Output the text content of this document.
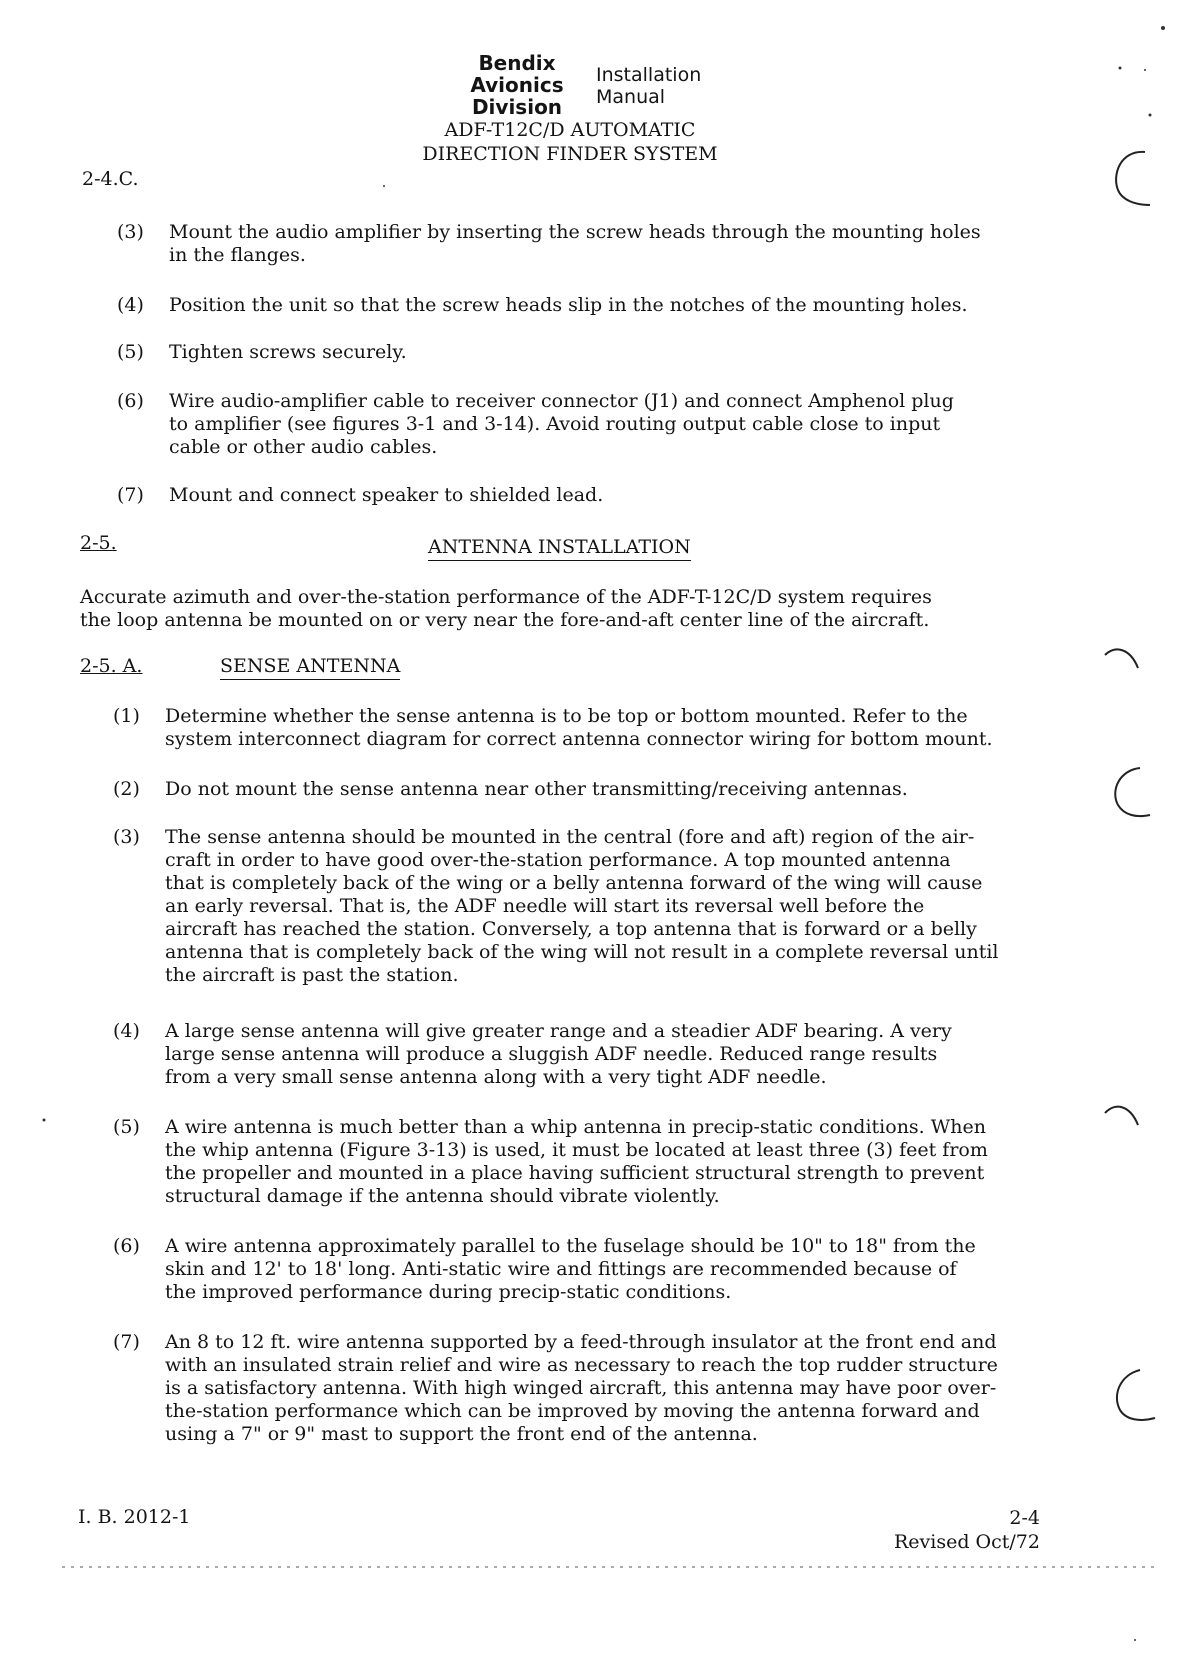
Bendix
Avionics
Division
Installation
Manual
ADF-T12C/D AUTOMATIC
DIRECTION FINDER SYSTEM
2-4.C.
(3) Mount the audio amplifier by inserting the screw heads through the mounting holes

in the flanges.

(4) Position the unit so that the screw heads slip in the notches of the mounting holes.

(5) Tighten screws securely.

(6) Wire audio-amplifier cable to receiver connector (J1) and connect Amphenol plug

to amplifier (see figures 3-1 and 3-14). Avoid routing output cable close to input

cable or other audio cables.

(7) Mount and connect speaker to shielded lead.

2-5.	ANTENNA INSTALLATION
Accurate azimuth and over-the-station performance of the ADF-T-12C/D system requires
the loop antenna be mounted on or very near the fore-and-aft center line of the aircraft.
2-5. A.	SENSE ANTENNA
(1) Determine whether the sense antenna is to be top or bottom mounted. Refer to the

system interconnect diagram for correct antenna connector wiring for bottom mount.

(2) Do not mount the sense antenna near other transmitting/receiving antennas.

(3) The sense antenna should be mounted in the central (fore and aft) region of the air-

craft in order to have good over-the-station performance. A top mounted antenna

that is completely back of the wing or a belly antenna forward of the wing will cause

an early reversal. That is, the ADF needle will start its reversal well before the

aircraft has reached the station. Conversely, a top antenna that is forward or a belly

antenna that is completely back of the wing will not result in a complete reversal until

the aircraft is past the station.

(4) A large sense antenna will give greater range and a steadier ADF bearing. A very

large sense antenna will produce a sluggish ADF needle. Reduced range results

from a very small sense antenna along with a very tight ADF needle.

(5) A wire antenna is much better than a whip antenna in precip-static conditions. When

the whip antenna (Figure 3-13) is used, it must be located at least three (3) feet from

the propeller and mounted in a place having sufficient structural strength to prevent

structural damage if the antenna should vibrate violently.

(6) A wire antenna approximately parallel to the fuselage should be 10" to 18" from the

skin and 12' to 18' long. Anti-static wire and fittings are recommended because of

the improved performance during precip-static conditions.

(7) An 8 to 12 ft. wire antenna supported by a feed-through insulator at the front end and

with an insulated strain relief and wire as necessary to reach the top rudder structure

is a satisfactory antenna. With high winged aircraft, this antenna may have poor over-

the-station performance which can be improved by moving the antenna forward and

using a 7" or 9" mast to support the front end of the antenna.

I. B. 2012-1	2-4
Revised Oct/72
